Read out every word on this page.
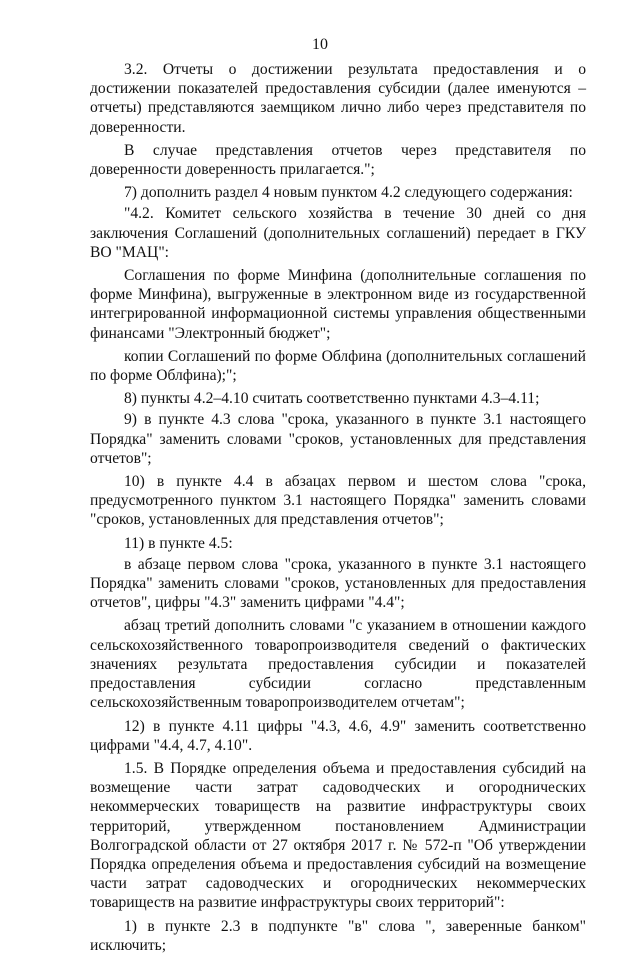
10

3.2. Отчеты о достижении результата предоставления и о достижении показателей предоставления субсидии (далее именуются – отчеты) представляются заемщиком лично либо через представителя по доверенности.

В случае представления отчетов через представителя по доверенности доверенность прилагается.";

7) дополнить раздел 4 новым пунктом 4.2 следующего содержания:

"4.2. Комитет сельского хозяйства в течение 30 дней со дня заключения Соглашений (дополнительных соглашений) передает в ГКУ ВО "МАЦ":

Соглашения по форме Минфина (дополнительные соглашения по форме Минфина), выгруженные в электронном виде из государственной интегрированной информационной системы управления общественными финансами "Электронный бюджет";

копии Соглашений по форме Облфина (дополнительных соглашений по форме Облфина);";

8) пункты 4.2–4.10 считать соответственно пунктами 4.3–4.11;

9) в пункте 4.3 слова "срока, указанного в пункте 3.1 настоящего Порядка" заменить словами "сроков, установленных для представления отчетов";

10) в пункте 4.4 в абзацах первом и шестом слова "срока, предусмотренного пунктом 3.1 настоящего Порядка" заменить словами "сроков, установленных для представления отчетов";

11) в пункте 4.5:

в абзаце первом слова "срока, указанного в пункте 3.1 настоящего Порядка" заменить словами "сроков, установленных для предоставления отчетов", цифры "4.3" заменить цифрами "4.4";

абзац третий дополнить словами "с указанием в отношении каждого сельскохозяйственного товаропроизводителя сведений о фактических значениях результата предоставления субсидии и показателей предоставления субсидии согласно представленным сельскохозяйственным товаропроизводителем отчетам";

12) в пункте 4.11 цифры "4.3, 4.6, 4.9" заменить соответственно цифрами "4.4, 4.7, 4.10".

1.5. В Порядке определения объема и предоставления субсидий на возмещение части затрат садоводческих и огороднических некоммерческих товариществ на развитие инфраструктуры своих территорий, утвержденном постановлением Администрации Волгоградской области от 27 октября 2017 г. № 572-п "Об утверждении Порядка определения объема и предоставления субсидий на возмещение части затрат садоводческих и огороднических некоммерческих товариществ на развитие инфраструктуры своих территорий":

1) в пункте 2.3 в подпункте "в" слова ", заверенные банком" исключить;
